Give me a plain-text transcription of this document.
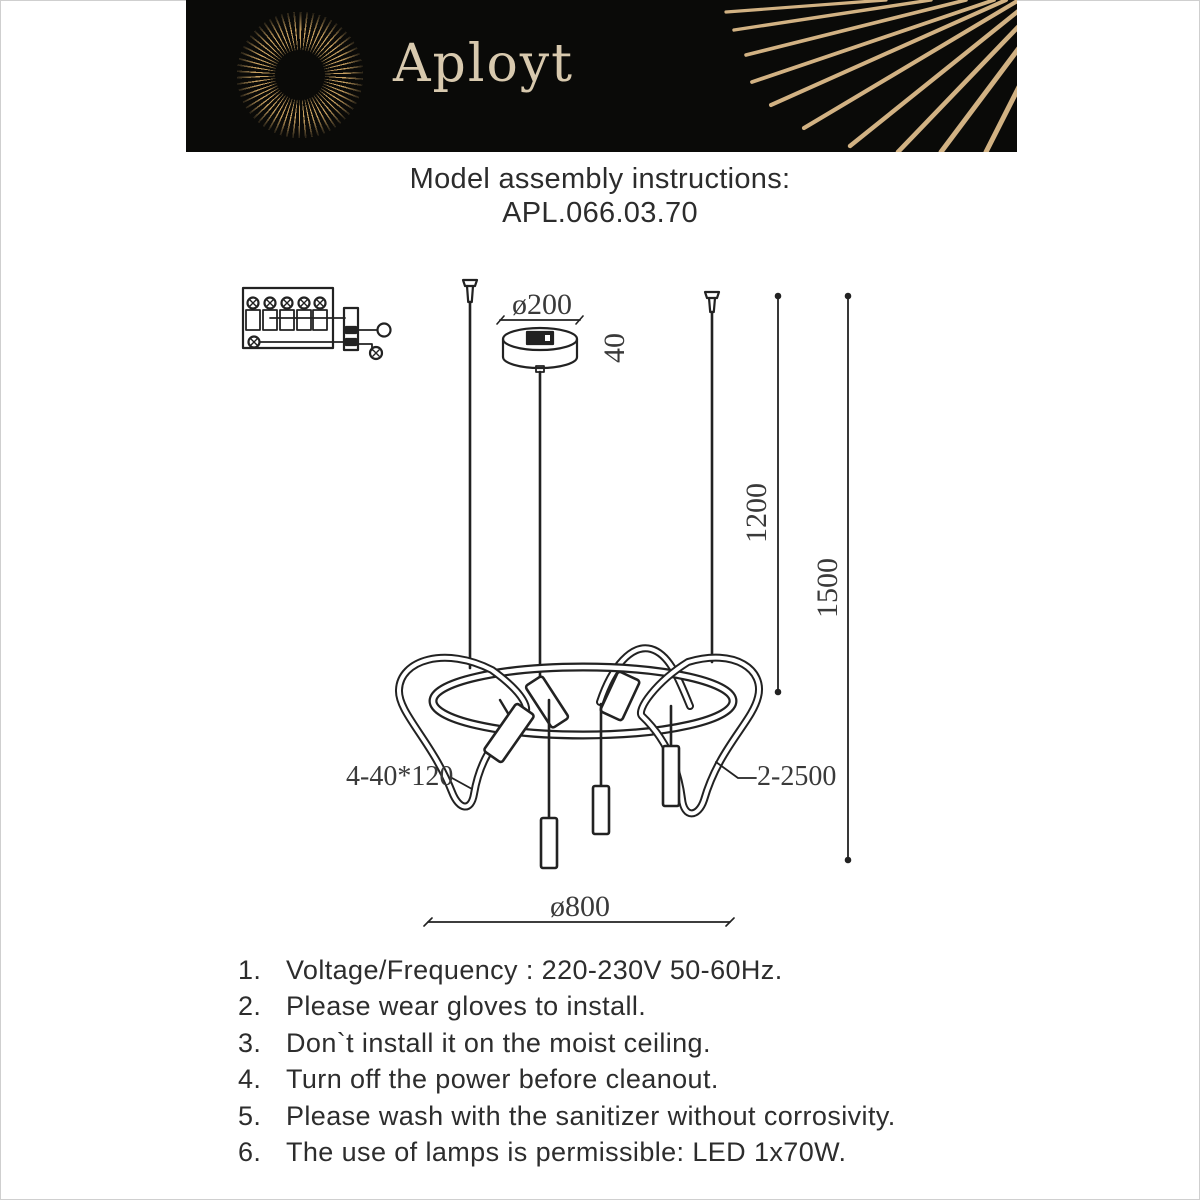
Aployt
Model assembly instructions:
APL.066.03.70
ø200
40
1200
1500
4-40*120	2-2500
ø800
1. Voltage/Frequency : 220-230V 50-60Hz.
2. Please wear gloves to install.
3. Don`t install it on the moist ceiling.
4. Turn off the power before cleanout.
5. Please wash with the sanitizer without corrosivity.
6. The use of lamps is permissible: LED 1x70W.
